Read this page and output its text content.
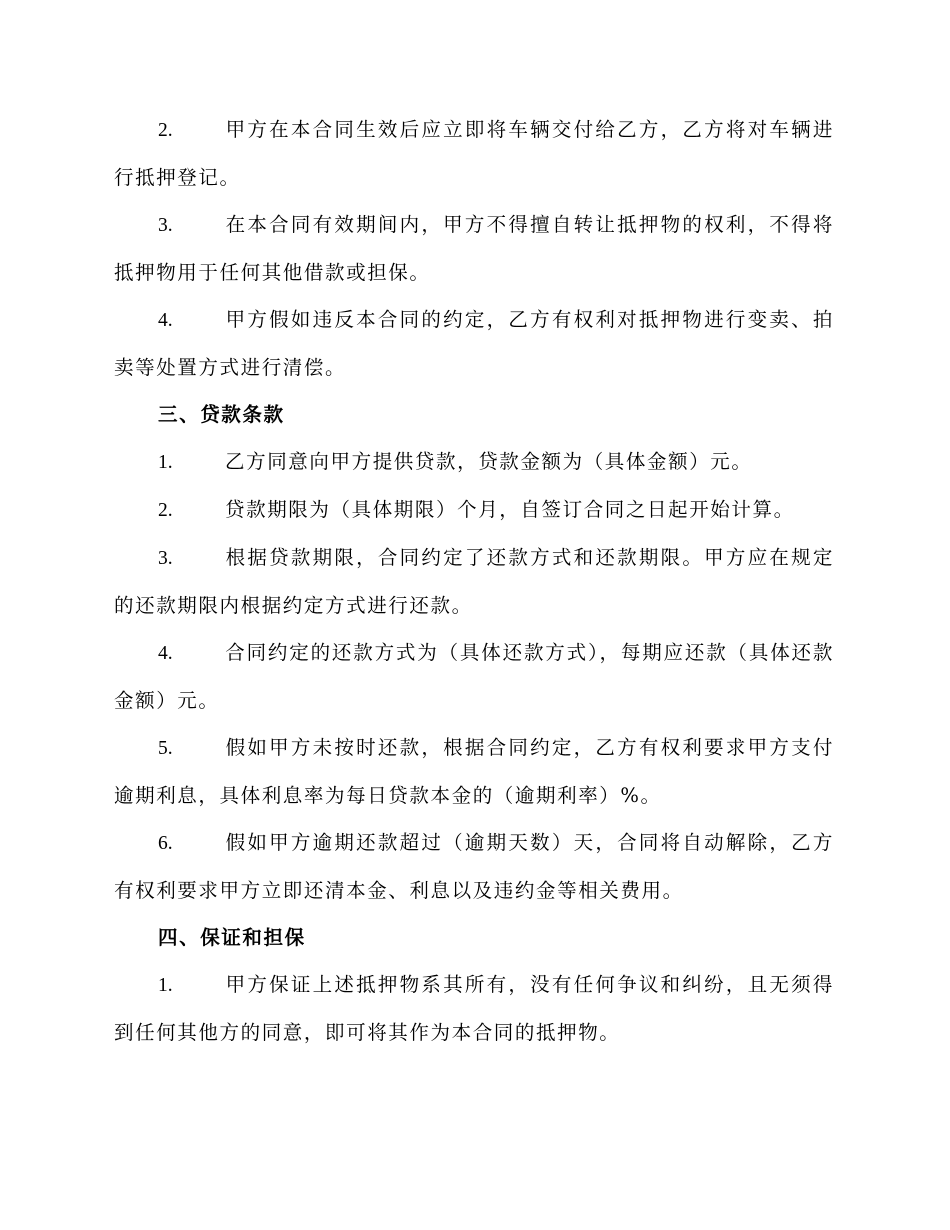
2.	甲方在本合同生效后应立即将车辆交付给乙方，乙方将对车辆进行抵押登记。

3.	在本合同有效期间内，甲方不得擅自转让抵押物的权利，不得将抵押物用于任何其他借款或担保。

4.	甲方假如违反本合同的约定，乙方有权利对抵押物进行变卖、拍卖等处置方式进行清偿。

三、贷款条款

1.	乙方同意向甲方提供贷款，贷款金额为（具体金额）元。

2.	贷款期限为（具体期限）个月，自签订合同之日起开始计算。

3.	根据贷款期限，合同约定了还款方式和还款期限。甲方应在规定的还款期限内根据约定方式进行还款。

4.	合同约定的还款方式为（具体还款方式），每期应还款（具体还款金额）元。

5.	假如甲方未按时还款，根据合同约定，乙方有权利要求甲方支付逾期利息，具体利息率为每日贷款本金的（逾期利率）%。

6.	假如甲方逾期还款超过（逾期天数）天，合同将自动解除，乙方有权利要求甲方立即还清本金、利息以及违约金等相关费用。

四、保证和担保

1.	甲方保证上述抵押物系其所有，没有任何争议和纠纷，且无须得到任何其他方的同意，即可将其作为本合同的抵押物。
